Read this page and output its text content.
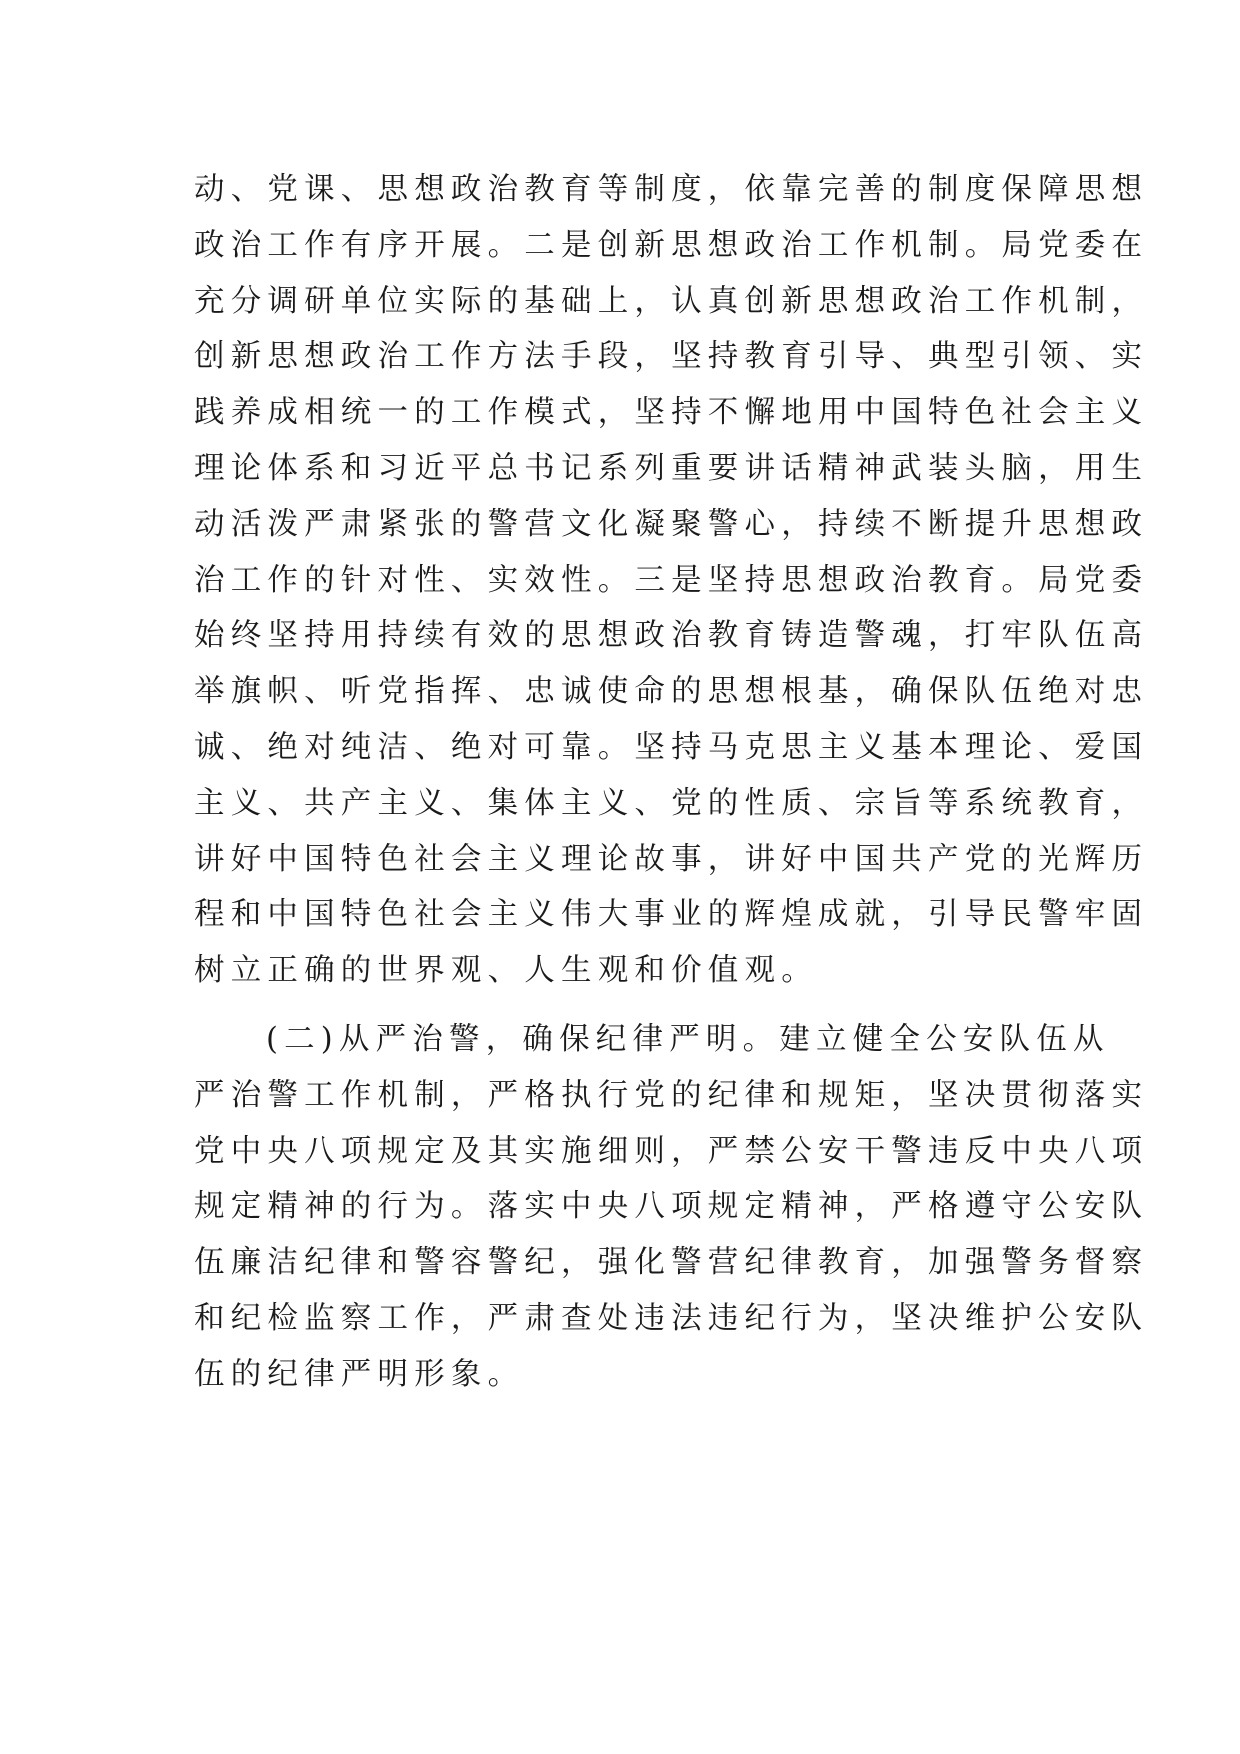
动、党课、思想政治教育等制度，依靠完善的制度保障思想
政治工作有序开展。二是创新思想政治工作机制。局党委在
充分调研单位实际的基础上，认真创新思想政治工作机制，
创新思想政治工作方法手段，坚持教育引导、典型引领、实
践养成相统一的工作模式，坚持不懈地用中国特色社会主义
理论体系和习近平总书记系列重要讲话精神武装头脑，用生
动活泼严肃紧张的警营文化凝聚警心，持续不断提升思想政
治工作的针对性、实效性。三是坚持思想政治教育。局党委
始终坚持用持续有效的思想政治教育铸造警魂，打牢队伍高
举旗帜、听党指挥、忠诚使命的思想根基，确保队伍绝对忠
诚、绝对纯洁、绝对可靠。坚持马克思主义基本理论、爱国
主义、共产主义、集体主义、党的性质、宗旨等系统教育，
讲好中国特色社会主义理论故事，讲好中国共产党的光辉历
程和中国特色社会主义伟大事业的辉煌成就，引导民警牢固
树立正确的世界观、人生观和价值观。
(二)从严治警，确保纪律严明。建立健全公安队伍从
严治警工作机制，严格执行党的纪律和规矩，坚决贯彻落实
党中央八项规定及其实施细则，严禁公安干警违反中央八项
规定精神的行为。落实中央八项规定精神，严格遵守公安队
伍廉洁纪律和警容警纪，强化警营纪律教育，加强警务督察
和纪检监察工作，严肃查处违法违纪行为，坚决维护公安队
伍的纪律严明形象。
